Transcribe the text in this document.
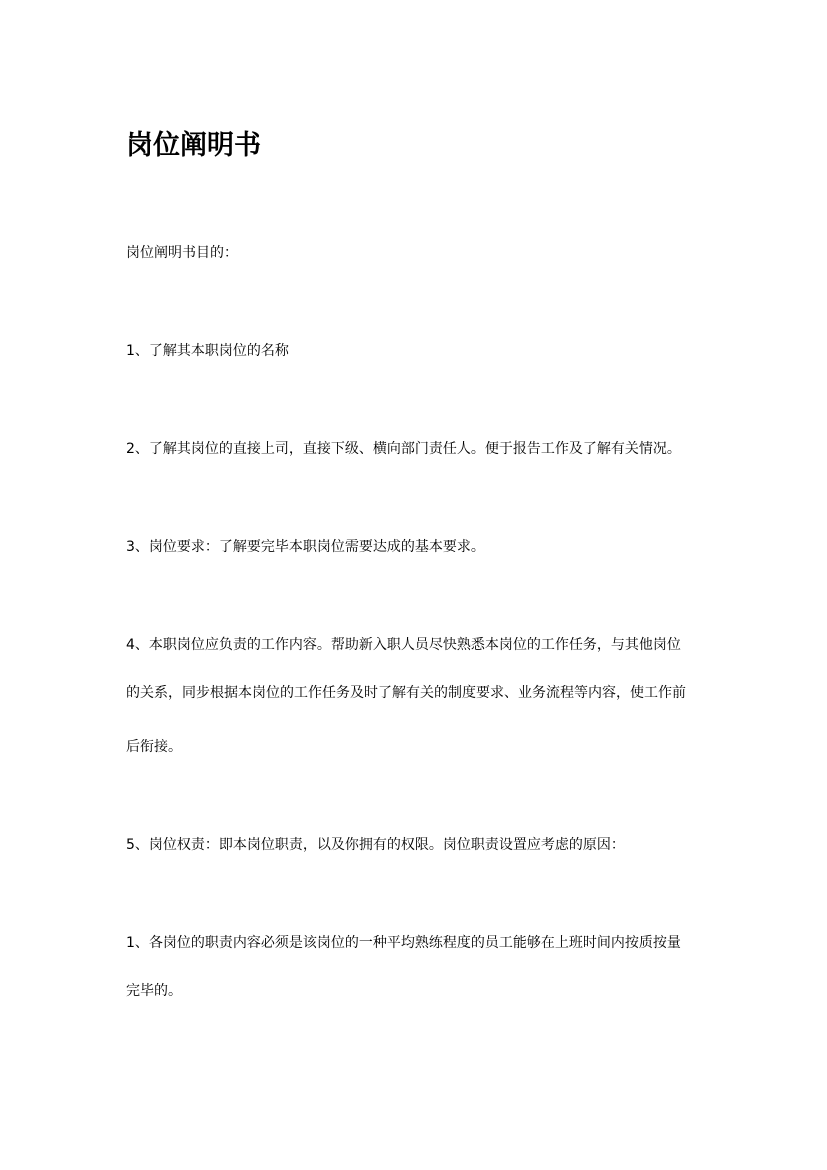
岗位阐明书
岗位阐明书目的：
1、了解其本职岗位的名称
2、了解其岗位的直接上司，直接下级、横向部门责任人。便于报告工作及了解有关情况。
3、岗位要求：了解要完毕本职岗位需要达成的基本要求。
4、本职岗位应负责的工作内容。帮助新入职人员尽快熟悉本岗位的工作任务，与其他岗位
的关系，同步根据本岗位的工作任务及时了解有关的制度要求、业务流程等内容，使工作前
后衔接。
5、岗位权责：即本岗位职责，以及你拥有的权限。岗位职责设置应考虑的原因：
1、各岗位的职责内容必须是该岗位的一种平均熟练程度的员工能够在上班时间内按质按量
完毕的。
